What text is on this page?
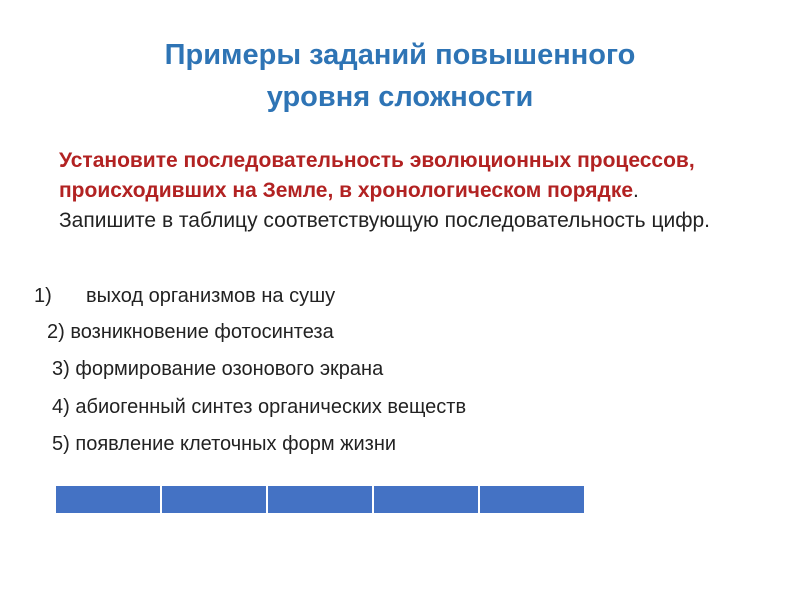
Примеры заданий повышенного
уровня сложности
Установите последовательность эволюционных процессов, происходивших на Земле, в хронологическом порядке. Запишите в таблицу соответствующую последовательность цифр.
1) выход организмов на сушу
2) возникновение фотосинтеза
3) формирование озонового экрана
4) абиогенный синтез органических веществ
5) появление клеточных форм жизни
